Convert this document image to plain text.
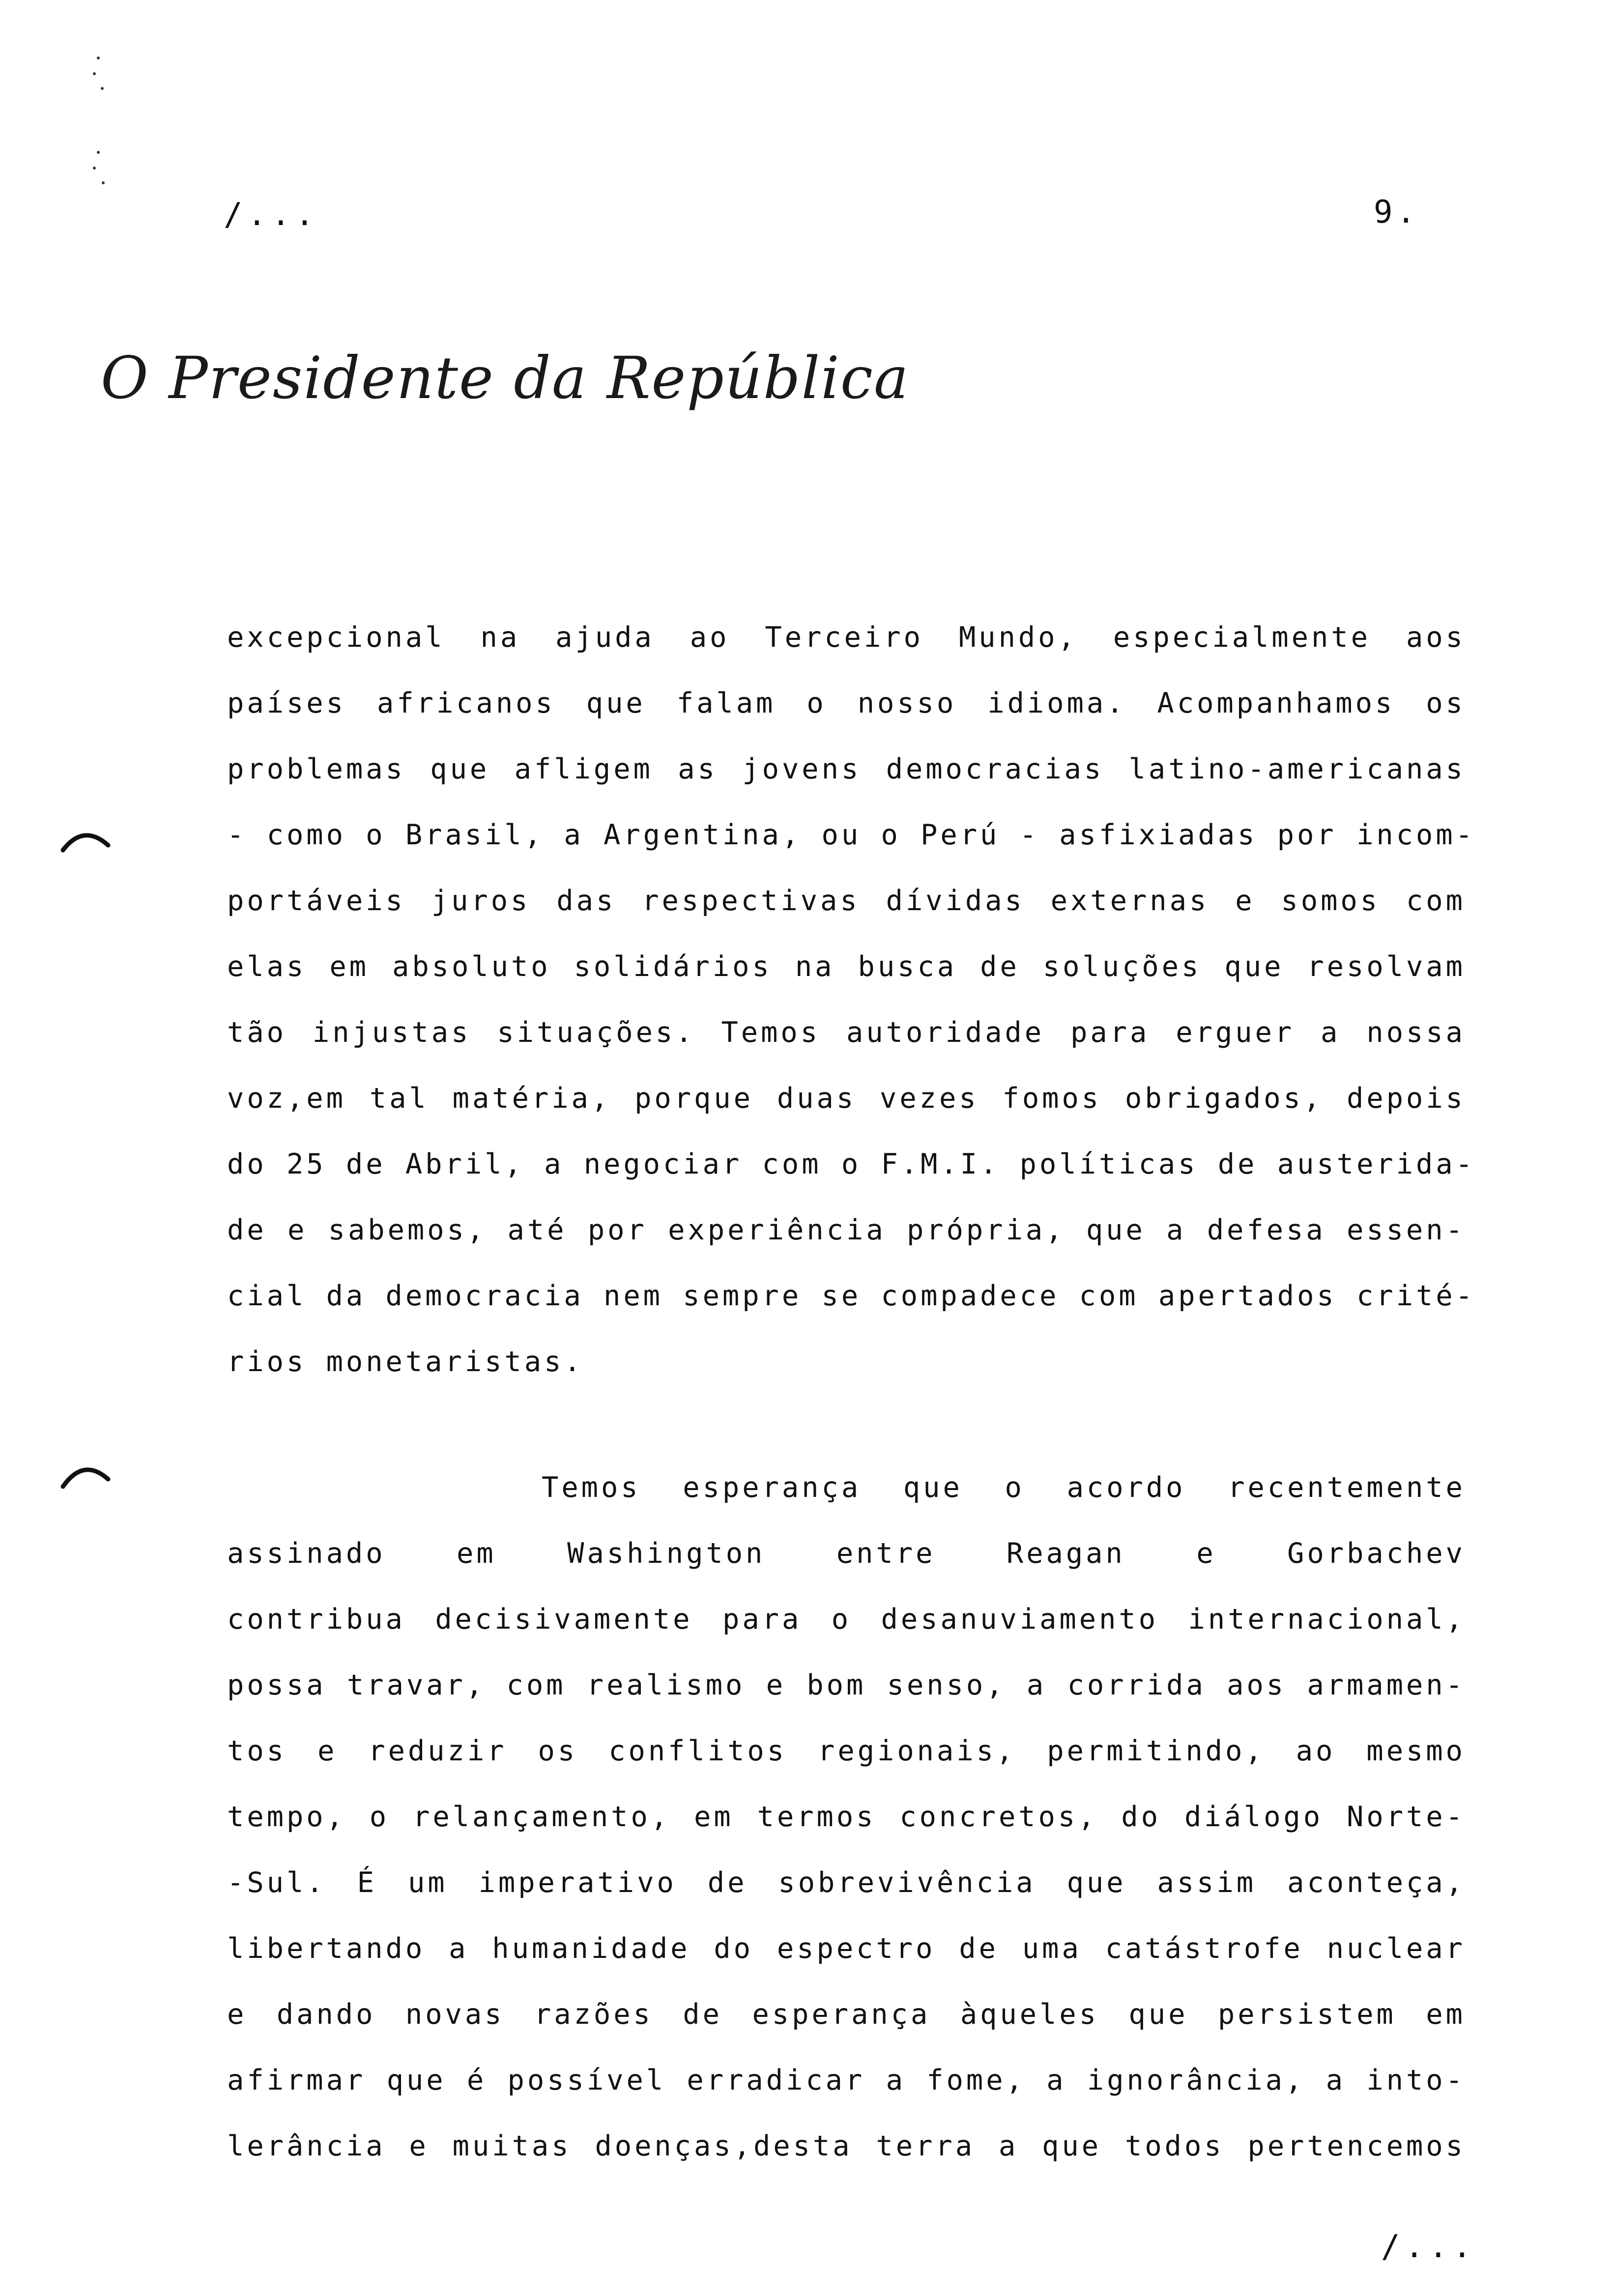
/...	9.
O Presidente da República
excepcional na ajuda ao Terceiro Mundo, especialmente aos
países africanos que falam o nosso idioma. Acompanhamos os
problemas que afligem as jovens democracias latino-americanas
- como o Brasil, a Argentina, ou o Perú - asfixiadas por incom-
portáveis juros das respectivas dívidas externas e somos com
elas em absoluto solidários na busca de soluções que resolvam
tão injustas situações. Temos autoridade para erguer a nossa
voz,em tal matéria, porque duas vezes fomos obrigados, depois
do 25 de Abril, a negociar com o F.M.I. políticas de austerida-
de e sabemos, até por experiência própria, que a defesa essen-
cial da democracia nem sempre se compadece com apertados crité-
rios monetaristas.
Temos esperança que o acordo recentemente
assinado em Washington entre Reagan e Gorbachev
contribua decisivamente para o desanuviamento internacional,
possa travar, com realismo e bom senso, a corrida aos armamen-
tos e reduzir os conflitos regionais, permitindo, ao mesmo
tempo, o relançamento, em termos concretos, do diálogo Norte-
-Sul. É um imperativo de sobrevivência que assim aconteça,
libertando a humanidade do espectro de uma catástrofe nuclear
e dando novas razões de esperança àqueles que persistem em
afirmar que é possível erradicar a fome, a ignorância, a into-
lerância e muitas doenças,desta terra a que todos pertencemos
/...
